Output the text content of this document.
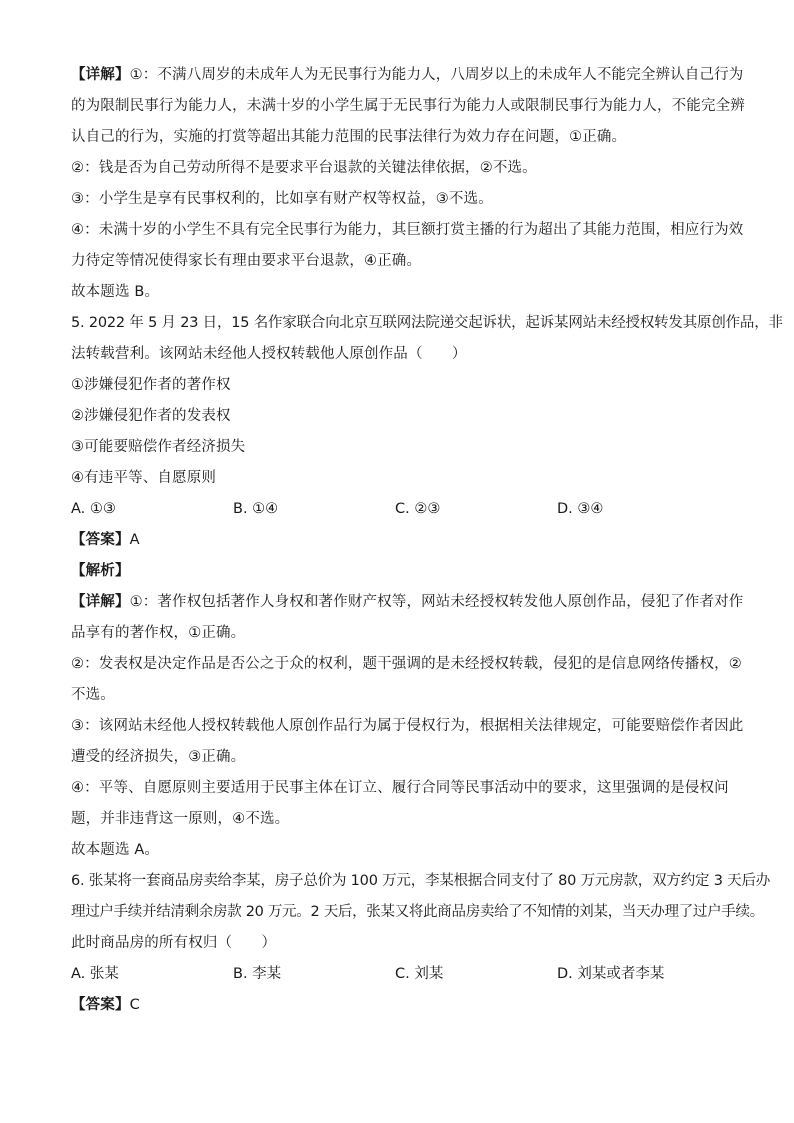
【详解】①：不满八周岁的未成年人为无民事行为能力人，八周岁以上的未成年人不能完全辨认自己行为
的为限制民事行为能力人，未满十岁的小学生属于无民事行为能力人或限制民事行为能力人，不能完全辨
认自己的行为，实施的打赏等超出其能力范围的民事法律行为效力存在问题，①正确。
②：钱是否为自己劳动所得不是要求平台退款的关键法律依据，②不选。
③：小学生是享有民事权利的，比如享有财产权等权益，③不选。
④：未满十岁的小学生不具有完全民事行为能力，其巨额打赏主播的行为超出了其能力范围，相应行为效
力待定等情况使得家长有理由要求平台退款，④正确。
故本题选 B。
5. 2022 年 5 月 23 日，15 名作家联合向北京互联网法院递交起诉状，起诉某网站未经授权转发其原创作品，非
法转载营利。该网站未经他人授权转载他人原创作品（　　）
①涉嫌侵犯作者的著作权
②涉嫌侵犯作者的发表权
③可能要赔偿作者经济损失
④有违平等、自愿原则
A. ①③	B. ①④	C. ②③	D. ③④
【答案】A
【解析】
【详解】①：著作权包括著作人身权和著作财产权等，网站未经授权转发他人原创作品，侵犯了作者对作
品享有的著作权，①正确。
②：发表权是决定作品是否公之于众的权利，题干强调的是未经授权转载，侵犯的是信息网络传播权，②
不选。
③：该网站未经他人授权转载他人原创作品行为属于侵权行为，根据相关法律规定，可能要赔偿作者因此
遭受的经济损失，③正确。
④：平等、自愿原则主要适用于民事主体在订立、履行合同等民事活动中的要求，这里强调的是侵权问
题，并非违背这一原则，④不选。
故本题选 A。
6. 张某将一套商品房卖给李某，房子总价为 100 万元，李某根据合同支付了 80 万元房款，双方约定 3 天后办
理过户手续并结清剩余房款 20 万元。2 天后，张某又将此商品房卖给了不知情的刘某，当天办理了过户手续。
此时商品房的所有权归（　　）
A. 张某	B. 李某	C. 刘某	D. 刘某或者李某
【答案】C
